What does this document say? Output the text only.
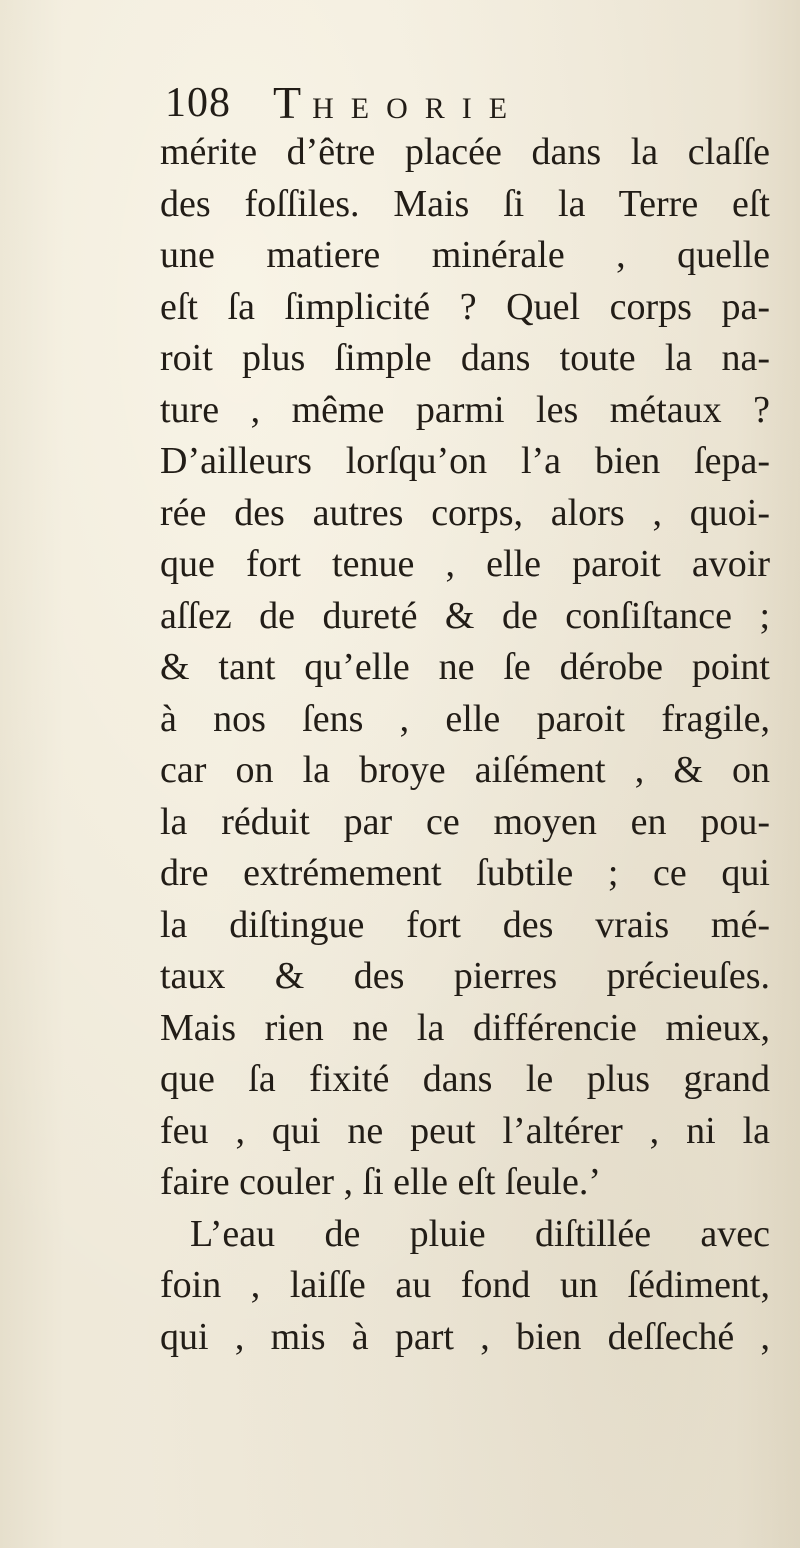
108 T HEORIE
mérite d’être placée dans la claſſe
des foſſiles. Mais ſi la Terre eſt
une matiere minérale , quelle
eſt ſa ſimplicité ? Quel corps pa-
roit plus ſimple dans toute la na-
ture , même parmi les métaux ?
D’ailleurs lorſqu’on l’a bien ſepa-
rée des autres corps, alors , quoi-
que fort tenue , elle paroit avoir
aſſez de dureté & de conſiſtance ;
& tant qu’elle ne ſe dérobe point
à nos ſens , elle paroit fragile,
car on la broye aiſément , & on
la réduit par ce moyen en pou-
dre extrémement ſubtile ; ce qui
la diſtingue fort des vrais mé-
taux & des pierres précieuſes.
Mais rien ne la différencie mieux,
que ſa fixité dans le plus grand
feu , qui ne peut l’altérer , ni la
faire couler , ſi elle eſt ſeule.’
L’eau de pluie diſtillée avec
foin , laiſſe au fond un ſédiment,
qui , mis à part , bien deſſeché ,
